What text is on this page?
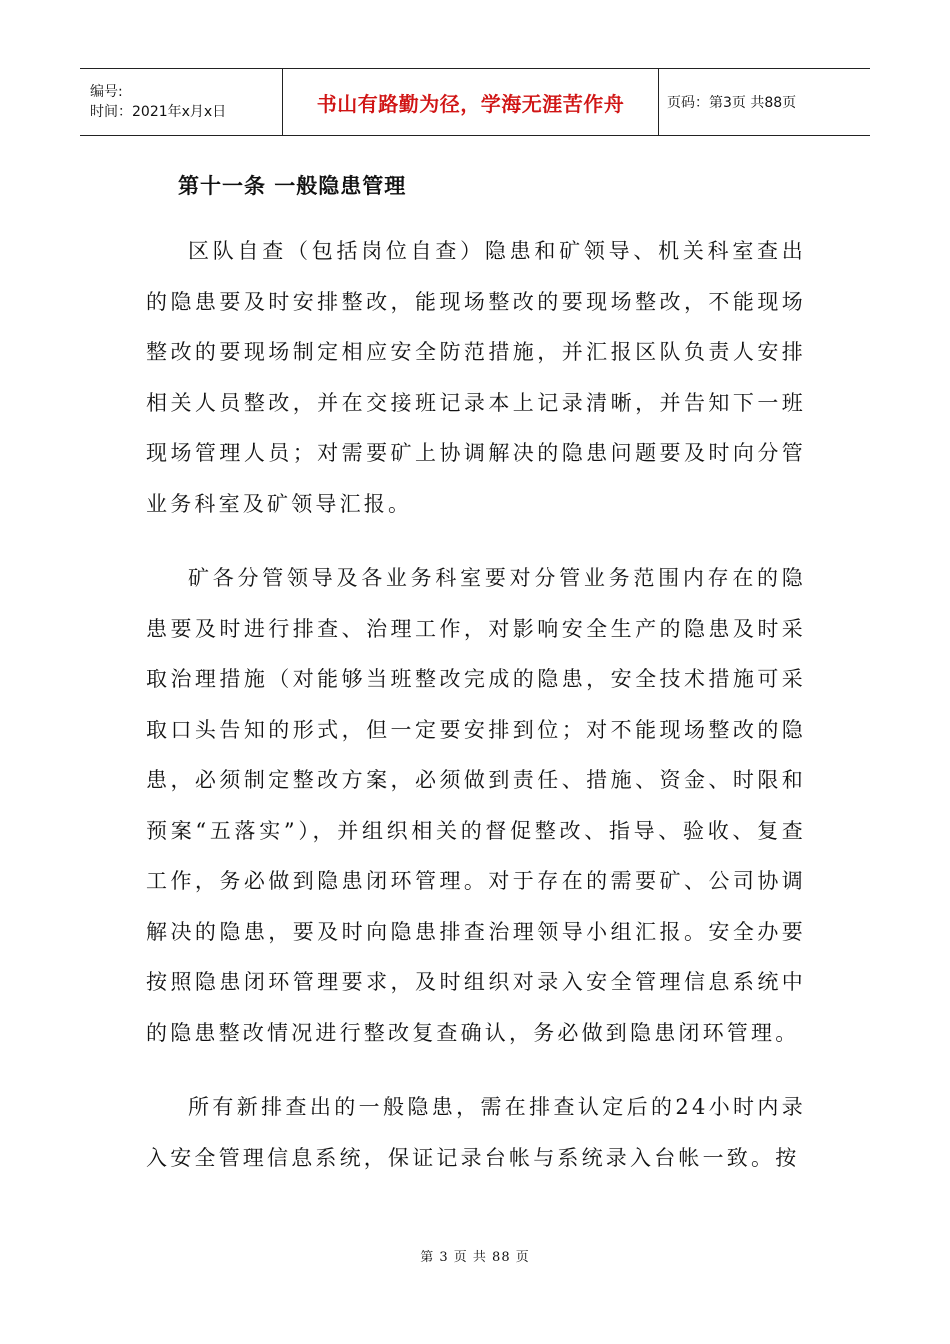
编号:
时间：2021年x月x日	书山有路勤为径，学海无涯苦作舟	页码：第3页 共88页
第十一条 一般隐患管理

区队自查（包括岗位自查）隐患和矿领导、机关科室查出的隐患要及时安排整改，能现场整改的要现场整改，不能现场整改的要现场制定相应安全防范措施，并汇报区队负责人安排相关人员整改，并在交接班记录本上记录清晰，并告知下一班现场管理人员；对需要矿上协调解决的隐患问题要及时向分管业务科室及矿领导汇报。

矿各分管领导及各业务科室要对分管业务范围内存在的隐患要及时进行排查、治理工作，对影响安全生产的隐患及时采取治理措施（对能够当班整改完成的隐患，安全技术措施可采取口头告知的形式，但一定要安排到位；对不能现场整改的隐患，必须制定整改方案，必须做到责任、措施、资金、时限和预案“五落实”），并组织相关的督促整改、指导、验收、复查工作，务必做到隐患闭环管理。对于存在的需要矿、公司协调解决的隐患，要及时向隐患排查治理领导小组汇报。安全办要按照隐患闭环管理要求，及时组织对录入安全管理信息系统中的隐患整改情况进行整改复查确认，务必做到隐患闭环管理。

所有新排查出的一般隐患，需在排查认定后的24小时内录入安全管理信息系统，保证记录台帐与系统录入台帐一致。按

第 3 页 共 88 页
